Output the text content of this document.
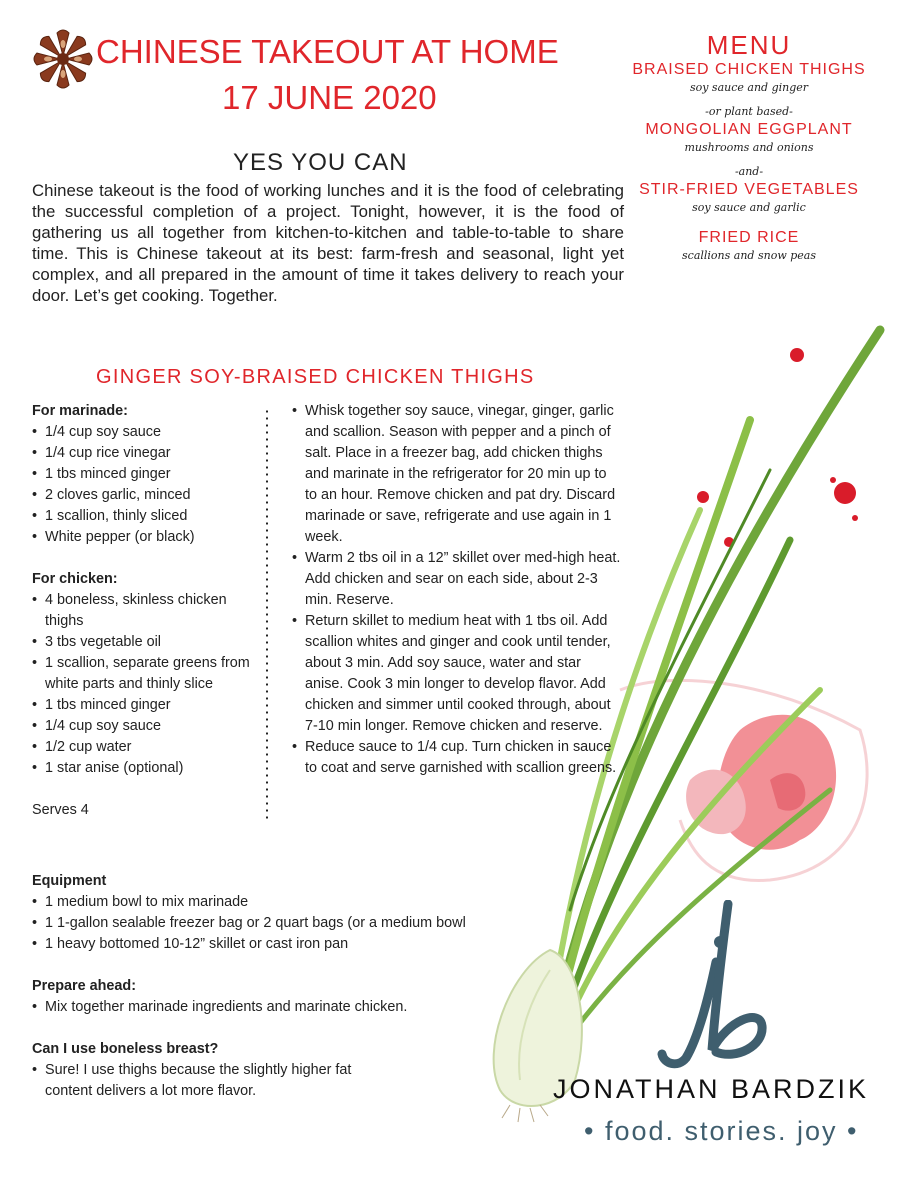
CHINESE TAKEOUT AT HOME
17 JUNE 2020
YES YOU CAN
Chinese takeout is the food of working lunches and it is the food of celebrating the successful completion of a project. Tonight, however, it is the food of gathering us all together from kitchen-to-kitchen and table-to-table to share time. This is Chinese takeout at its best: farm-fresh and seasonal, light yet complex, and all prepared in the amount of time it takes delivery to reach your door. Let’s get cooking. Together.
MENU
BRAISED CHICKEN THIGHS
soy sauce and ginger
-or plant based-
MONGOLIAN EGGPLANT
mushrooms and onions
-and-
STIR-FRIED VEGETABLES
soy sauce and garlic
FRIED RICE
scallions and snow peas
GINGER SOY-BRAISED CHICKEN THIGHS
For marinade:
• 1/4 cup soy sauce
• 1/4 cup rice vinegar
• 1 tbs minced ginger
• 2 cloves garlic, minced
• 1 scallion, thinly sliced
• White pepper (or black)
For chicken:
• 4 boneless, skinless chicken thighs
• 3 tbs vegetable oil
• 1 scallion, separate greens from white parts and thinly slice
• 1 tbs minced ginger
• 1/4 cup soy sauce
• 1/2 cup water
• 1 star anise (optional)
Serves 4
• Whisk together soy sauce, vinegar, ginger, garlic and scallion. Season with pepper and a pinch of salt. Place in a freezer bag, add chicken thighs and marinate in the refrigerator for 20 min up to to an hour. Remove chicken and pat dry. Discard marinade or save, refrigerate and use again in 1 week.
• Warm 2 tbs oil in a 12” skillet over med-high heat. Add chicken and sear on each side, about 2-3 min. Reserve.
• Return skillet to medium heat with 1 tbs oil. Add scallion whites and ginger and cook until tender, about 3 min. Add soy sauce, water and star anise. Cook 3 min longer to develop flavor. Add chicken and simmer until cooked through, about 7-10 min longer. Remove chicken and reserve.
• Reduce sauce to 1/4 cup. Turn chicken in sauce to coat and serve garnished with scallion greens.
Equipment
• 1 medium bowl to mix marinade
• 1 1-gallon sealable freezer bag or 2 quart bags (or a medium bowl
• 1 heavy bottomed 10-12” skillet or cast iron pan
Prepare ahead:
• Mix together marinade ingredients and marinate chicken.
Can I use boneless breast?
• Sure! I use thighs because the slightly higher fat content delivers a lot more flavor.
jb
JONATHAN BARDZIK
• food. stories. joy •
